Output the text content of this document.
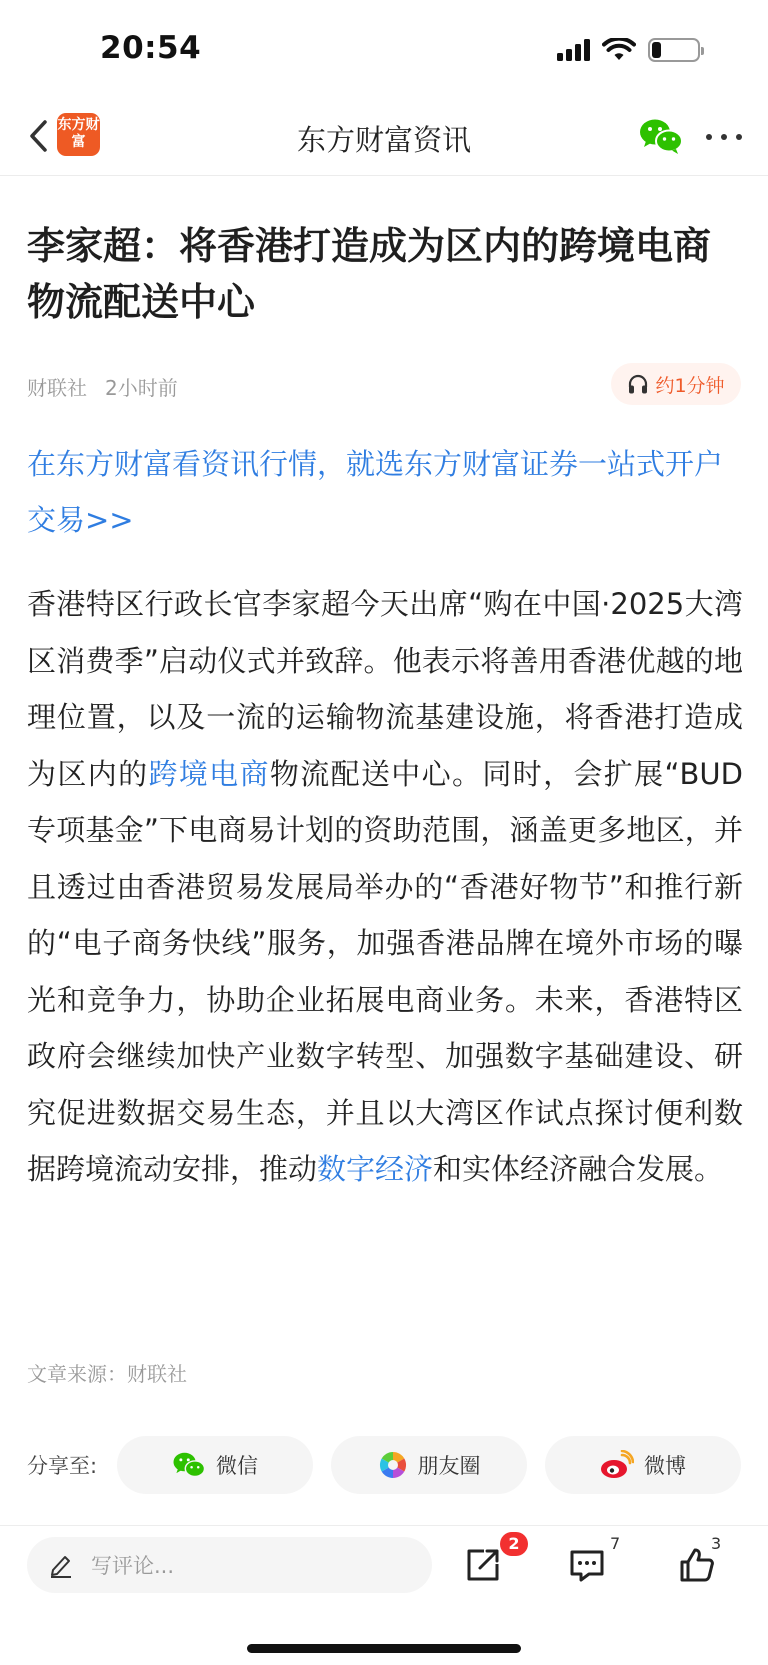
20:54
东方财富	东方财富资讯
李家超：将香港打造成为区内的跨境电商物流配送中心
财联社 2小时前	约1分钟
在东方财富看资讯行情，就选东方财富证券一站式开户交易>>
香港特区行政长官李家超今天出席“购在中国·2025大湾区消费季”启动仪式并致辞。他表示将善用香港优越的地理位置，以及一流的运输物流基建设施，将香港打造成为区内的跨境电商物流配送中心。同时，会扩展“BUD专项基金”下电商易计划的资助范围，涵盖更多地区，并且透过由香港贸易发展局举办的“香港好物节”和推行新的“电子商务快线”服务，加强香港品牌在境外市场的曝光和竞争力，协助企业拓展电商业务。未来，香港特区政府会继续加快产业数字转型、加强数字基础建设、研究促进数据交易生态，并且以大湾区作试点探讨便利数据跨境流动安排，推动数字经济和实体经济融合发展。
文章来源：财联社
分享至:	微信	朋友圈	微博
写评论...
2	7	3
